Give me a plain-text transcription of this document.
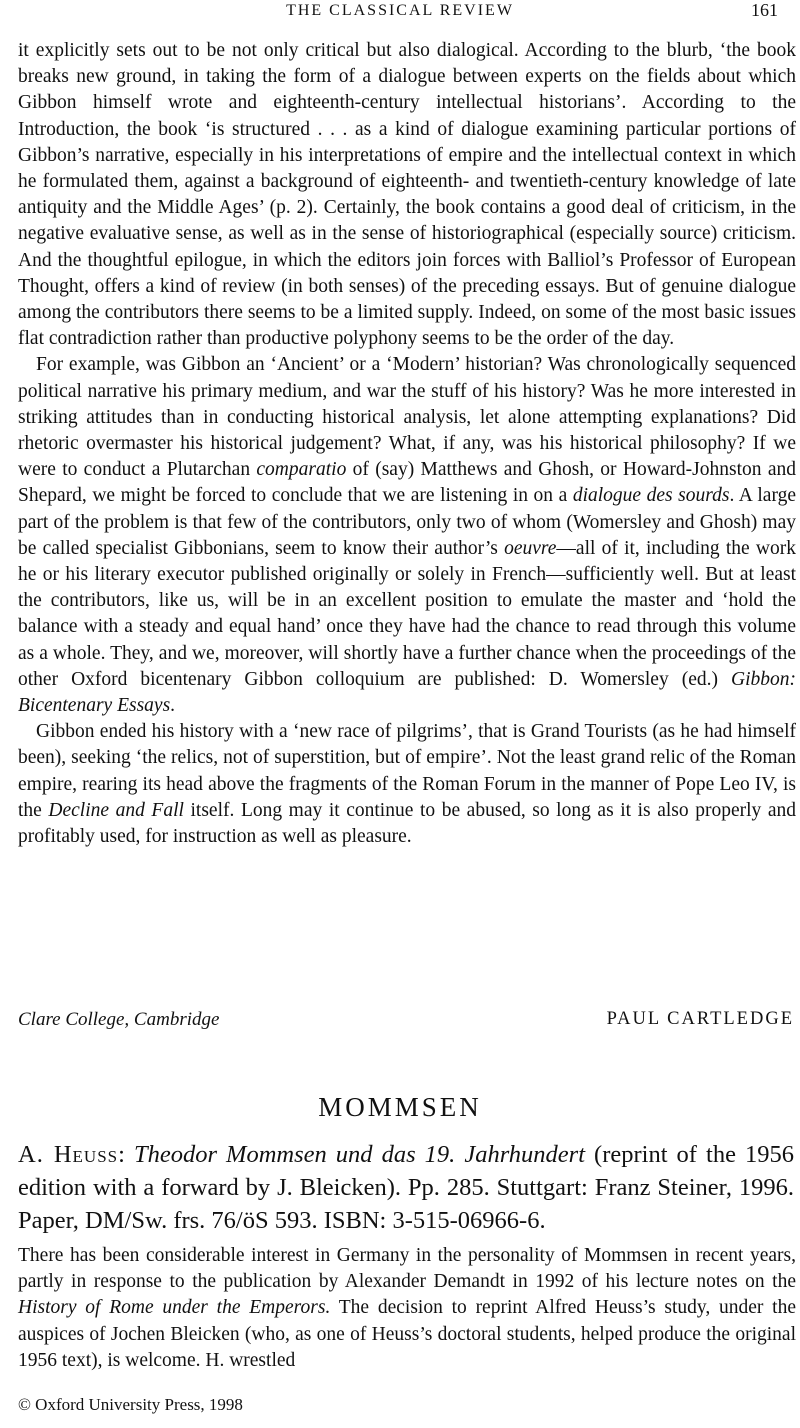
THE CLASSICAL REVIEW	161

it explicitly sets out to be not only critical but also dialogical. According to the blurb, ‘the book breaks new ground, in taking the form of a dialogue between experts on the fields about which Gibbon himself wrote and eighteenth-century intellectual historians’. According to the Introduction, the book ‘is structured . . . as a kind of dialogue examining particular portions of Gibbon’s narrative, especially in his interpretations of empire and the intellectual context in which he formulated them, against a background of eighteenth- and twentieth-century knowledge of late antiquity and the Middle Ages’ (p. 2). Certainly, the book contains a good deal of criticism, in the negative evaluative sense, as well as in the sense of historiographical (especially source) criticism. And the thoughtful epilogue, in which the editors join forces with Balliol’s Professor of European Thought, offers a kind of review (in both senses) of the preceding essays. But of genuine dialogue among the contributors there seems to be a limited supply. Indeed, on some of the most basic issues flat contradiction rather than productive polyphony seems to be the order of the day.

For example, was Gibbon an ‘Ancient’ or a ‘Modern’ historian? Was chronologically sequenced political narrative his primary medium, and war the stuff of his history? Was he more interested in striking attitudes than in conducting historical analysis, let alone attempting explanations? Did rhetoric overmaster his historical judgement? What, if any, was his historical philosophy? If we were to conduct a Plutarchan comparatio of (say) Matthews and Ghosh, or Howard-Johnston and Shepard, we might be forced to conclude that we are listening in on a dialogue des sourds. A large part of the problem is that few of the contributors, only two of whom (Womersley and Ghosh) may be called specialist Gibbonians, seem to know their author’s oeuvre—all of it, including the work he or his literary executor published originally or solely in French—sufficiently well. But at least the contributors, like us, will be in an excellent position to emulate the master and ‘hold the balance with a steady and equal hand’ once they have had the chance to read through this volume as a whole. They, and we, moreover, will shortly have a further chance when the proceedings of the other Oxford bicentenary Gibbon colloquium are published: D. Womersley (ed.) Gibbon: Bicentenary Essays.

Gibbon ended his history with a ‘new race of pilgrims’, that is Grand Tourists (as he had himself been), seeking ‘the relics, not of superstition, but of empire’. Not the least grand relic of the Roman empire, rearing its head above the fragments of the Roman Forum in the manner of Pope Leo IV, is the Decline and Fall itself. Long may it continue to be abused, so long as it is also properly and profitably used, for instruction as well as pleasure.

Clare College, Cambridge	PAUL CARTLEDGE
MOMMSEN
A. Heuss: Theodor Mommsen und das 19. Jahrhundert (reprint of the 1956 edition with a forward by J. Bleicken). Pp. 285. Stuttgart: Franz Steiner, 1996. Paper, DM/Sw. frs. 76/öS 593. ISBN: 3-515-06966-6.
There has been considerable interest in Germany in the personality of Mommsen in recent years, partly in response to the publication by Alexander Demandt in 1992 of his lecture notes on the History of Rome under the Emperors. The decision to reprint Alfred Heuss’s study, under the auspices of Jochen Bleicken (who, as one of Heuss’s doctoral students, helped produce the original 1956 text), is welcome. H. wrestled
© Oxford University Press, 1998
